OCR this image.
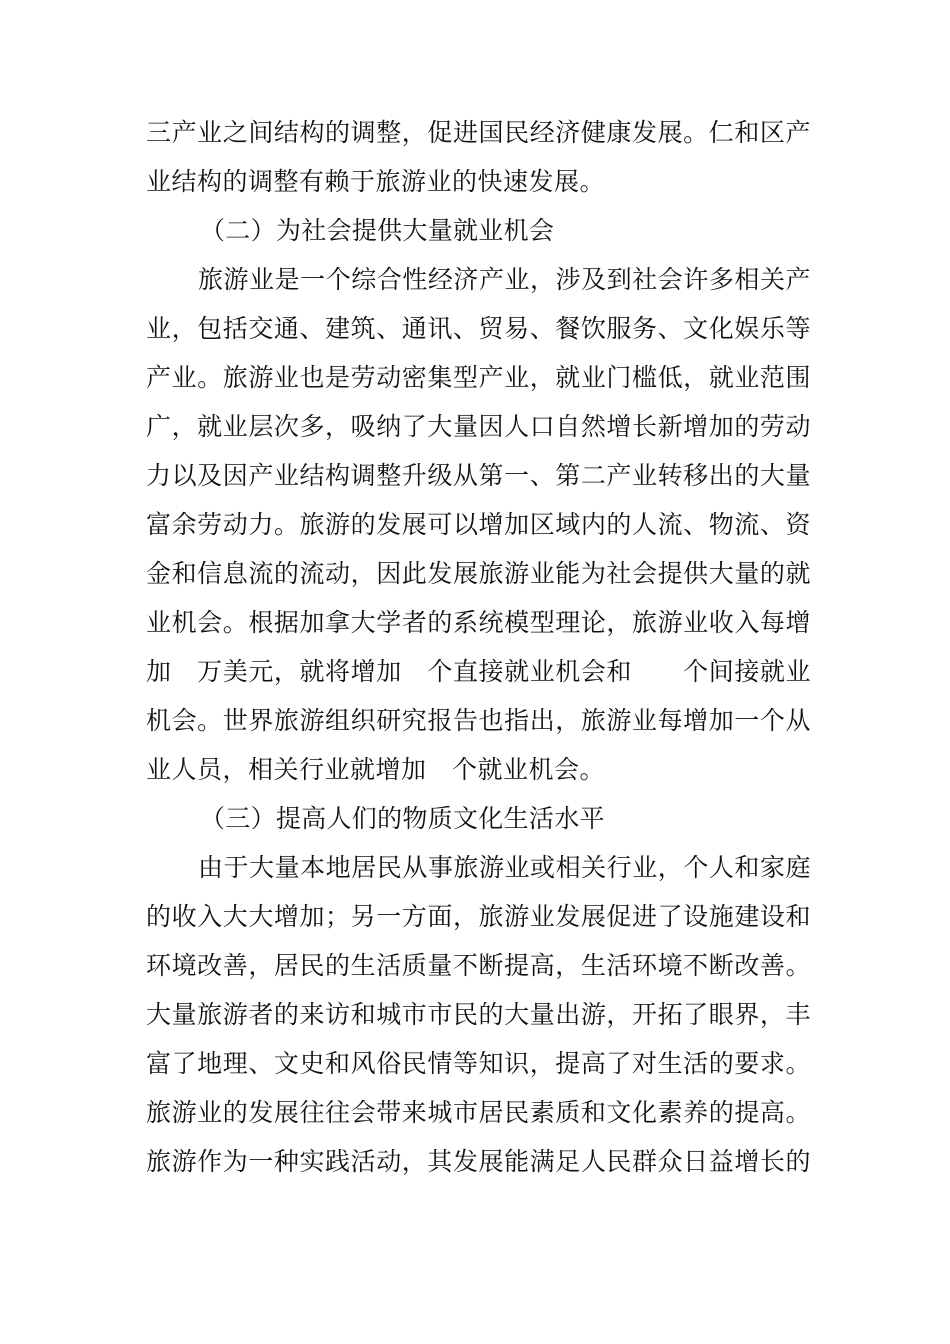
三产业之间结构的调整，促进国民经济健康发展。仁和区产
业结构的调整有赖于旅游业的快速发展。
（二）为社会提供大量就业机会
旅游业是一个综合性经济产业，涉及到社会许多相关产
业，包括交通、建筑、通讯、贸易、餐饮服务、文化娱乐等
产业。旅游业也是劳动密集型产业，就业门槛低，就业范围
广，就业层次多，吸纳了大量因人口自然增长新增加的劳动
力以及因产业结构调整升级从第一、第二产业转移出的大量
富余劳动力。旅游的发展可以增加区域内的人流、物流、资
金和信息流的流动，因此发展旅游业能为社会提供大量的就
业机会。根据加拿大学者的系统模型理论，旅游业收入每增
加　万美元，就将增加　个直接就业机会和　　个间接就业
机会。世界旅游组织研究报告也指出，旅游业每增加一个从
业人员，相关行业就增加　个就业机会。
（三）提高人们的物质文化生活水平
由于大量本地居民从事旅游业或相关行业，个人和家庭
的收入大大增加；另一方面，旅游业发展促进了设施建设和
环境改善，居民的生活质量不断提高，生活环境不断改善。
大量旅游者的来访和城市市民的大量出游，开拓了眼界，丰
富了地理、文史和风俗民情等知识，提高了对生活的要求。
旅游业的发展往往会带来城市居民素质和文化素养的提高。
旅游作为一种实践活动，其发展能满足人民群众日益增长的
